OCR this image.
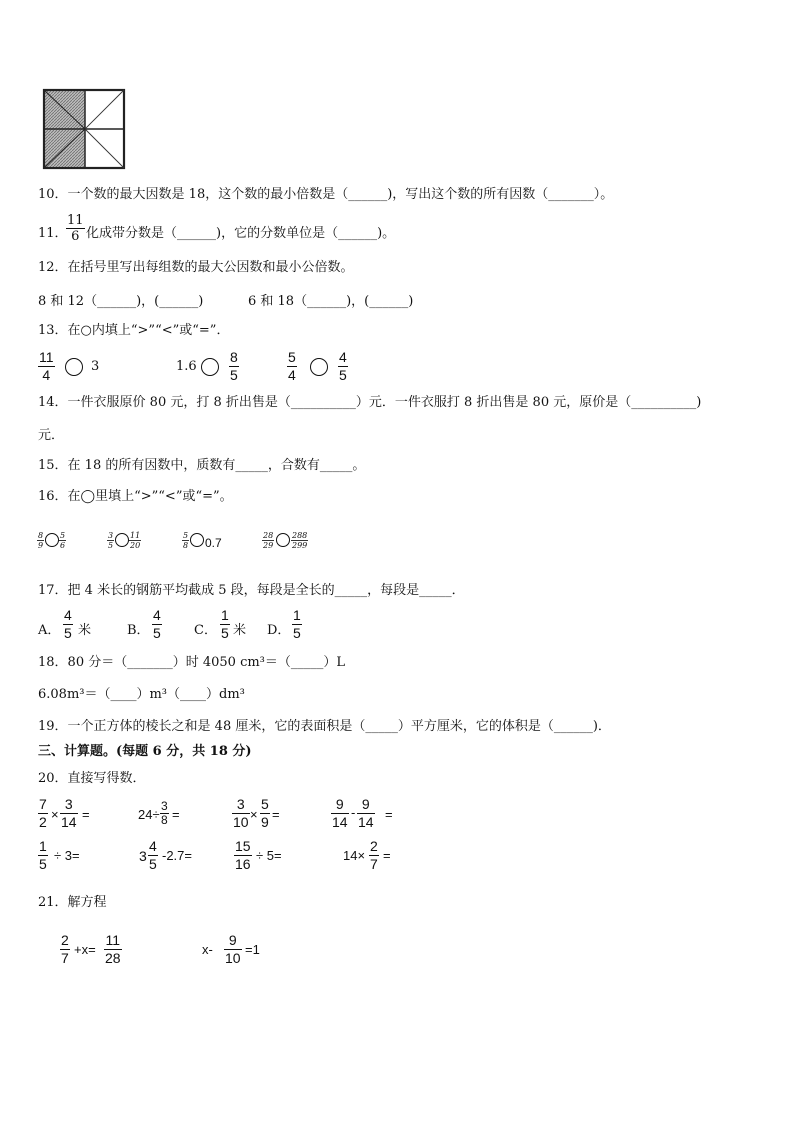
10．一个数的最大因数是 18，这个数的最小倍数是（______)，写出这个数的所有因数（_______）。
11．
$\frac{11}{6}$ 化成带分数是（______)，它的分数单位是（______)。
12．在括号里写出每组数的最大公因数和最小公倍数。
8 和 12（______)，(______)	6 和 18（______)，(______)
13．在○内填上“>”“<”或“=”．
$\frac{11}{4}$	3	$1.6 \frac{8}{5}$	$\frac{5}{4}$	$\frac{4}{5}$
14．一件衣服原价 80 元，打 8 折出售是（__________）元．一件衣服打 8 折出售是 80 元，原价是（__________)
元．
15．在 18 的所有因数中，质数有_____，合数有_____。
16．在◯里填上“>”“<”或“=”。
$\frac{8}{9} \frac{5}{6}$	$\frac{3}{5} \frac{11}{20}$	$\frac{5}{8} 0.7$	$\frac{28}{29} \frac{288}{299}$
17．把 4 米长的钢筋平均截成 5 段，每段是全长的_____，每段是_____．
A． $\frac{4}{5}$ 米	B． $\frac{4}{5}$ C． $\frac{1}{5}$ 米 D． $\frac{1}{5}$
18．80 分＝（_______）时 4050 cm³＝（_____）L
6.08m³＝（____）m³（____）dm³
19．一个正方体的棱长之和是 48 厘米，它的表面积是（_____）平方厘米，它的体积是（______)．
三、计算题。(每题 6 分，共 18 分)
20．直接写得数．
$\frac{7}{2} \times \frac{3}{14}$ =	$24\div \frac{3}{8}$ =	$\frac{3}{10} \times \frac{5}{9}$ =	$\frac{9}{14} - \frac{9}{14}$ =
$\frac{1}{5} \div 3=$	$3 \frac{4}{5} -2.7=$	$\frac{15}{16} \div 5=$	$14\times \frac{2}{7}$ =
21．解方程
$\frac{2}{7} +x= \frac{11}{28}$	$x- \frac{9}{10} =1$
